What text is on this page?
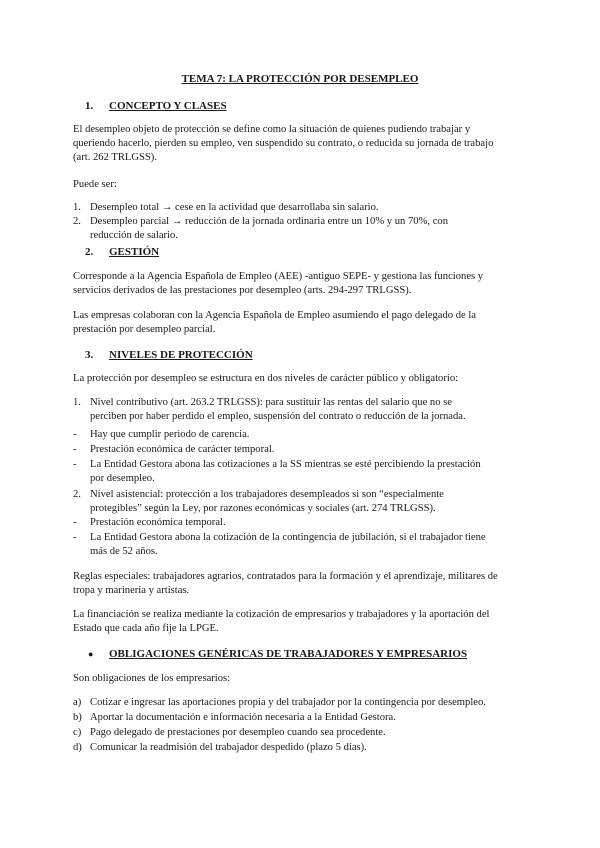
TEMA 7: LA PROTECCIÓN POR DESEMPLEO
1. CONCEPTO Y CLASES
El desempleo objeto de protección se define como la situación de quienes pudiendo trabajar y
queriendo hacerlo, pierden su empleo, ven suspendido su contrato, o reducida su jornada de trabajo
(art. 262 TRLGSS).
Puede ser:
1. Desempleo total → cese en la actividad que desarrollaba sin salario.
2. Desempleo parcial → reducción de la jornada ordinaria entre un 10% y un 70%, con
reducción de salario.
2. GESTIÓN
Corresponde a la Agencia Española de Empleo (AEE) -antiguo SEPE- y gestiona las funciones y
servicios derivados de las prestaciones por desempleo (arts. 294-297 TRLGSS).
Las empresas colaboran con la Agencia Española de Empleo asumiendo el pago delegado de la
prestación por desempleo parcial.
3. NIVELES DE PROTECCIÓN
La protección por desempleo se estructura en dos niveles de carácter público y obligatorio:
1. Nivel contributivo (art. 263.2 TRLGSS): para sustituir las rentas del salario que no se
perciben por haber perdido el empleo, suspensión del contrato o reducción de la jornada.
- Hay que cumplir periodo de carencia.
- Prestación económica de carácter temporal.
- La Entidad Gestora abona las cotizaciones a la SS mientras se esté percibiendo la prestación
por desempleo.
2. Nivel asistencial: protección a los trabajadores desempleados si son “especialmente
protegibles” según la Ley, por razones económicas y sociales (art. 274 TRLGSS).
- Prestación económica temporal.
- La Entidad Gestora abona la cotización de la contingencia de jubilación, si el trabajador tiene
más de 52 años.
Reglas especiales: trabajadores agrarios, contratados para la formación y el aprendizaje, militares de
tropa y marinería y artistas.
La financiación se realiza mediante la cotización de empresarios y trabajadores y la aportación del
Estado que cada año fije la LPGE.
● OBLIGACIONES GENÉRICAS DE TRABAJADORES Y EMPRESARIOS
Son obligaciones de los empresarios:
a) Cotizar e ingresar las aportaciones propia y del trabajador por la contingencia por desempleo.
b) Aportar la documentación e información necesaria a la Entidad Gestora.
c) Pago delegado de prestaciones por desempleo cuando sea procedente.
d) Comunicar la readmisión del trabajador despedido (plazo 5 días).
